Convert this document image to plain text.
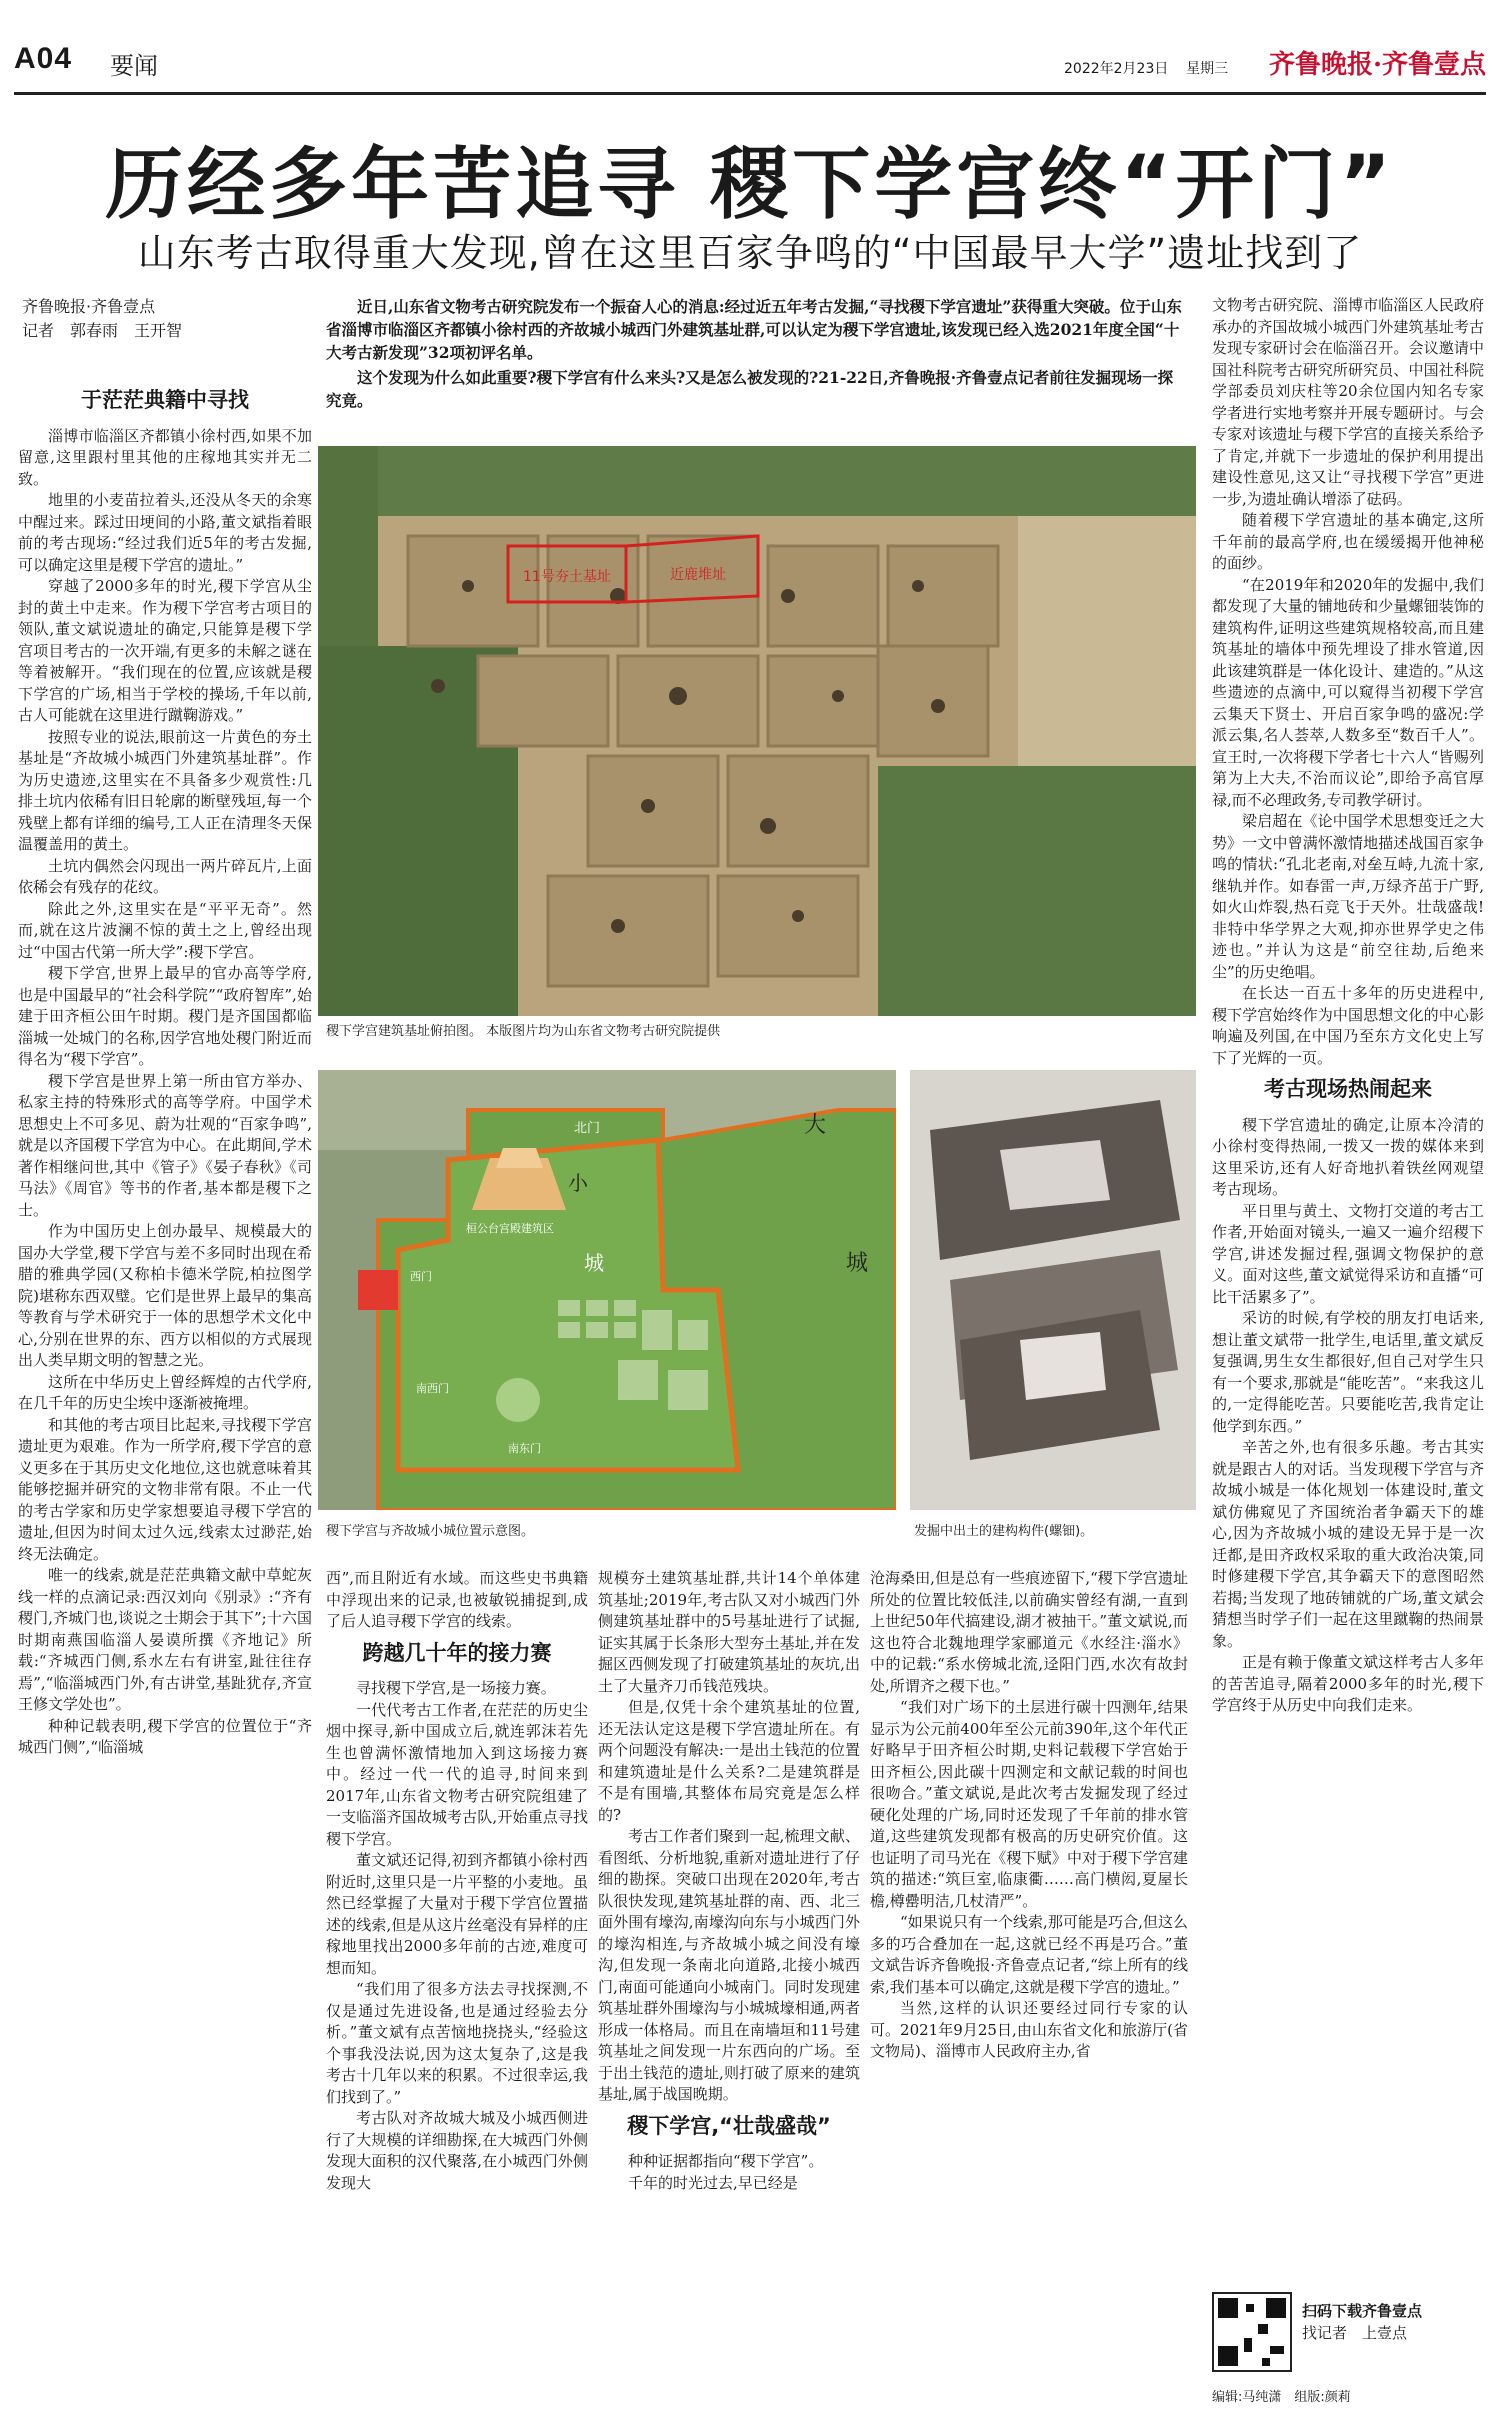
A04 要闻	2022年2月23日 星期三 齐鲁晚报·齐鲁壹点
历经多年苦追寻 稷下学宫终“开门”
山东考古取得重大发现,曾在这里百家争鸣的“中国最早大学”遗址找到了
齐鲁晚报·齐鲁壹点
记者　郭春雨　王开智

近日,山东省文物考古研究院发布一个振奋人心的消息:经过近五年考古发掘,“寻找稷下学宫遗址”获得重大突破。位于山东省淄博市临淄区齐都镇小徐村西的齐故城小城西门外建筑基址群,可以认定为稷下学宫遗址,该发现已经入选2021年度全国“十大考古新发现”32项初评名单。

这个发现为什么如此重要?稷下学宫有什么来头?又是怎么被发现的?21-22日,齐鲁晚报·齐鲁壹点记者前往发掘现场一探究竟。

于茫茫典籍中寻找

淄博市临淄区齐都镇小徐村西,如果不加留意,这里跟村里其他的庄稼地其实并无二致。

地里的小麦苗拉着头,还没从冬天的余寒中醒过来。踩过田埂间的小路,董文斌指着眼前的考古现场:“经过我们近5年的考古发掘,可以确定这里是稷下学宫的遗址。”

穿越了2000多年的时光,稷下学宫从尘封的黄土中走来。作为稷下学宫考古项目的领队,董文斌说遗址的确定,只能算是稷下学宫项目考古的一次开端,有更多的未解之谜在等着被解开。“我们现在的位置,应该就是稷下学宫的广场,相当于学校的操场,千年以前,古人可能就在这里进行蹴鞠游戏。”

按照专业的说法,眼前这一片黄色的夯土基址是“齐故城小城西门外建筑基址群”。作为历史遗迹,这里实在不具备多少观赏性:几排土坑内依稀有旧日轮廓的断壁残垣,每一个残壁上都有详细的编号,工人正在清理冬天保温覆盖用的黄土。

土坑内偶然会闪现出一两片碎瓦片,上面依稀会有残存的花纹。

除此之外,这里实在是“平平无奇”。然而,就在这片波澜不惊的黄土之上,曾经出现过“中国古代第一所大学”:稷下学宫。

稷下学宫,世界上最早的官办高等学府,也是中国最早的“社会科学院”“政府智库”,始建于田齐桓公田午时期。稷门是齐国国都临淄城一处城门的名称,因学宫地处稷门附近而得名为“稷下学宫”。

稷下学宫是世界上第一所由官方举办、私家主持的特殊形式的高等学府。中国学术思想史上不可多见、蔚为壮观的“百家争鸣”,就是以齐国稷下学宫为中心。在此期间,学术著作相继问世,其中《管子》《晏子春秋》《司马法》《周官》等书的作者,基本都是稷下之士。

作为中国历史上创办最早、规模最大的国办大学堂,稷下学宫与差不多同时出现在希腊的雅典学园(又称柏卡德米学院,柏拉图学院)堪称东西双璧。它们是世界上最早的集高等教育与学术研究于一体的思想学术文化中心,分别在世界的东、西方以相似的方式展现出人类早期文明的智慧之光。

这所在中华历史上曾经辉煌的古代学府,在几千年的历史尘埃中逐渐被掩埋。

和其他的考古项目比起来,寻找稷下学宫遗址更为艰难。作为一所学府,稷下学宫的意义更多在于其历史文化地位,这也就意味着其能够挖掘并研究的文物非常有限。不止一代的考古学家和历史学家想要追寻稷下学宫的遗址,但因为时间太过久远,线索太过渺茫,始终无法确定。

唯一的线索,就是茫茫典籍文献中草蛇灰线一样的点滴记录:西汉刘向《别录》:“齐有稷门,齐城门也,谈说之士期会于其下”;十六国时期南燕国临淄人晏谟所撰《齐地记》所载:“齐城西门侧,系水左右有讲室,趾往往存焉”,“临淄城西门外,有古讲堂,基趾犹存,齐宣王修文学处也”。

种种记载表明,稷下学宫的位置位于“齐城西门侧”,“临淄城

11号夯土基址	近鹿堆址
稷下学宫建筑基址俯拍图。 本版图片均为山东省文物考古研究院提供
北门	大
城
小
城
桓公台宫殿建筑区
西门
南西门
南东门
稷下学宫与齐故城小城位置示意图。	发掘中出土的建构构件(螺钿)。

西”,而且附近有水域。而这些史书典籍中浮现出来的记录,也被敏锐捕捉到,成了后人追寻稷下学宫的线索。

跨越几十年的接力赛

寻找稷下学宫,是一场接力赛。

一代代考古工作者,在茫茫的历史尘烟中探寻,新中国成立后,就连郭沫若先生也曾满怀激情地加入到这场接力赛中。经过一代一代的追寻,时间来到2017年,山东省文物考古研究院组建了一支临淄齐国故城考古队,开始重点寻找稷下学宫。

董文斌还记得,初到齐都镇小徐村西附近时,这里只是一片平整的小麦地。虽然已经掌握了大量对于稷下学宫位置描述的线索,但是从这片丝毫没有异样的庄稼地里找出2000多年前的古迹,难度可想而知。

“我们用了很多方法去寻找探测,不仅是通过先进设备,也是通过经验去分析。”董文斌有点苦恼地挠挠头,“经验这个事我没法说,因为这太复杂了,这是我考古十几年以来的积累。不过很幸运,我们找到了。”

考古队对齐故城大城及小城西侧进行了大规模的详细勘探,在大城西门外侧发现大面积的汉代聚落,在小城西门外侧发现大

规模夯土建筑基址群,共计14个单体建筑基址;2019年,考古队又对小城西门外侧建筑基址群中的5号基址进行了试掘,证实其属于长条形大型夯土基址,并在发掘区西侧发现了打破建筑基址的灰坑,出土了大量齐刀币钱范残块。

但是,仅凭十余个建筑基址的位置,还无法认定这是稷下学宫遗址所在。有两个问题没有解决:一是出土钱范的位置和建筑遗址是什么关系?二是建筑群是不是有围墙,其整体布局究竟是怎么样的?

考古工作者们聚到一起,梳理文献、看图纸、分析地貌,重新对遗址进行了仔细的勘探。突破口出现在2020年,考古队很快发现,建筑基址群的南、西、北三面外围有壕沟,南壕沟向东与小城西门外的壕沟相连,与齐故城小城之间没有壕沟,但发现一条南北向道路,北接小城西门,南面可能通向小城南门。同时发现建筑基址群外围壕沟与小城城壕相通,两者形成一体格局。而且在南墙垣和11号建筑基址之间发现一片东西向的广场。至于出土钱范的遗址,则打破了原来的建筑基址,属于战国晚期。

稷下学宫,“壮哉盛哉”

种种证据都指向“稷下学宫”。

千年的时光过去,早已经是

沧海桑田,但是总有一些痕迹留下,“稷下学宫遗址所处的位置比较低洼,以前确实曾经有湖,一直到上世纪50年代搞建设,湖才被抽干。”董文斌说,而这也符合北魏地理学家郦道元《水经注·淄水》中的记载:“系水傍城北流,迳阳门西,水次有故封处,所谓齐之稷下也。”

“我们对广场下的土层进行碳十四测年,结果显示为公元前400年至公元前390年,这个年代正好略早于田齐桓公时期,史料记载稷下学宫始于田齐桓公,因此碳十四测定和文献记载的时间也很吻合。”董文斌说,是此次考古发掘发现了经过硬化处理的广场,同时还发现了千年前的排水管道,这些建筑发现都有极高的历史研究价值。这也证明了司马光在《稷下赋》中对于稷下学宫建筑的描述:“筑巨室,临康衢……高门横闳,夏屋长檐,樽罍明洁,几杖清严”。

“如果说只有一个线索,那可能是巧合,但这么多的巧合叠加在一起,这就已经不再是巧合。”董文斌告诉齐鲁晚报·齐鲁壹点记者,“综上所有的线索,我们基本可以确定,这就是稷下学宫的遗址。”

当然,这样的认识还要经过同行专家的认可。2021年9月25日,由山东省文化和旅游厅(省文物局)、淄博市人民政府主办,省

文物考古研究院、淄博市临淄区人民政府承办的齐国故城小城西门外建筑基址考古发现专家研讨会在临淄召开。会议邀请中国社科院考古研究所研究员、中国社科院学部委员刘庆柱等20余位国内知名专家学者进行实地考察并开展专题研讨。与会专家对该遗址与稷下学宫的直接关系给予了肯定,并就下一步遗址的保护利用提出建设性意见,这又让“寻找稷下学宫”更进一步,为遗址确认增添了砝码。

随着稷下学宫遗址的基本确定,这所千年前的最高学府,也在缓缓揭开他神秘的面纱。

“在2019年和2020年的发掘中,我们都发现了大量的铺地砖和少量螺钿装饰的建筑构件,证明这些建筑规格较高,而且建筑基址的墙体中预先埋设了排水管道,因此该建筑群是一体化设计、建造的。”从这些遗迹的点滴中,可以窥得当初稷下学宫云集天下贤士、开启百家争鸣的盛况:学派云集,名人荟萃,人数多至“数百千人”。宣王时,一次将稷下学者七十六人“皆赐列第为上大夫,不治而议论”,即给予高官厚禄,而不必理政务,专司教学研讨。

梁启超在《论中国学术思想变迁之大势》一文中曾满怀激情地描述战国百家争鸣的情状:“孔北老南,对垒互峙,九流十家,继轨并作。如春雷一声,万绿齐茁于广野,如火山炸裂,热石竞飞于天外。壮哉盛哉!非特中华学界之大观,抑亦世界学史之伟迹也。”并认为这是“前空往劫,后绝来尘”的历史绝唱。

在长达一百五十多年的历史进程中,稷下学宫始终作为中国思想文化的中心影响遍及列国,在中国乃至东方文化史上写下了光辉的一页。

考古现场热闹起来

稷下学宫遗址的确定,让原本冷清的小徐村变得热闹,一拨又一拨的媒体来到这里采访,还有人好奇地扒着铁丝网观望考古现场。

平日里与黄土、文物打交道的考古工作者,开始面对镜头,一遍又一遍介绍稷下学宫,讲述发掘过程,强调文物保护的意义。面对这些,董文斌觉得采访和直播“可比干活累多了”。

采访的时候,有学校的朋友打电话来,想让董文斌带一批学生,电话里,董文斌反复强调,男生女生都很好,但自己对学生只有一个要求,那就是“能吃苦”。“来我这儿的,一定得能吃苦。只要能吃苦,我肯定让他学到东西。”

辛苦之外,也有很多乐趣。考古其实就是跟古人的对话。当发现稷下学宫与齐故城小城是一体化规划一体建设时,董文斌仿佛窥见了齐国统治者争霸天下的雄心,因为齐故城小城的建设无异于是一次迁都,是田齐政权采取的重大政治决策,同时修建稷下学宫,其争霸天下的意图昭然若揭;当发现了地砖铺就的广场,董文斌会猜想当时学子们一起在这里蹴鞠的热闹景象。

正是有赖于像董文斌这样考古人多年的苦苦追寻,隔着2000多年的时光,稷下学宫终于从历史中向我们走来。

扫码下载齐鲁壹点
找记者　上壹点
编辑:马纯潇　组版:颜莉
